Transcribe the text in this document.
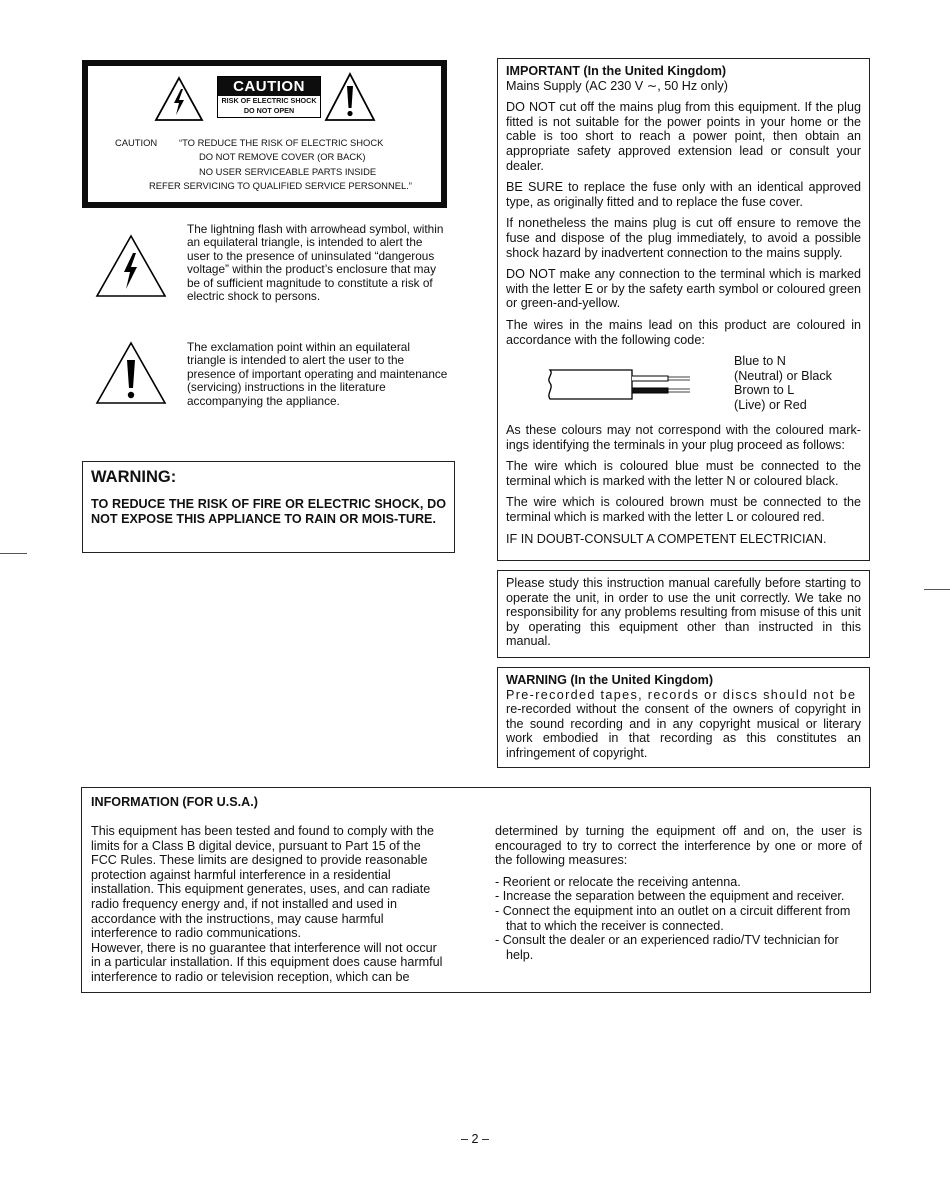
CAUTION
RISK OF ELECTRIC SHOCK
DO NOT OPEN
CAUTION “TO REDUCE THE RISK OF ELECTRIC SHOCK
DO NOT REMOVE COVER (OR BACK)
NO USER SERVICEABLE PARTS INSIDE
REFER SERVICING TO QUALIFIED SERVICE PERSONNEL.”
The lightning flash with arrowhead symbol, within
an equilateral triangle, is intended to alert the
user to the presence of uninsulated “dangerous
voltage” within the product’s enclosure that may
be of sufficient magnitude to constitute a risk of
electric shock to persons.
The exclamation point within an equilateral
triangle is intended to alert the user to the
presence of important operating and maintenance
(servicing) instructions in the literature
accompanying the appliance.

WARNING:

TO REDUCE THE RISK OF FIRE OR ELECTRIC SHOCK, DO NOT EXPOSE THIS APPLIANCE TO RAIN OR MOIS-TURE.

IMPORTANT (In the United Kingdom)

Mains Supply (AC 230 V ∼, 50 Hz only)

DO NOT cut off the mains plug from this equipment. If the plug fitted is not suitable for the power points in your home or the cable is too short to reach a power point, then obtain an appropriate safety approved extension lead or consult your dealer.

BE SURE to replace the fuse only with an identical approved type, as originally fitted and to replace the fuse cover.

If nonetheless the mains plug is cut off ensure to remove the fuse and dispose of the plug immediately, to avoid a possible shock hazard by inadvertent connection to the mains supply.

DO NOT make any connection to the terminal which is marked with the letter E or by the safety earth symbol or coloured green or green-and-yellow.

The wires in the mains lead on this product are coloured in accordance with the following code:

Blue to N
(Neutral) or Black
Brown to L
(Live) or Red

As these colours may not correspond with the coloured mark-ings identifying the terminals in your plug proceed as follows:

The wire which is coloured blue must be connected to the terminal which is marked with the letter N or coloured black.

The wire which is coloured brown must be connected to the terminal which is marked with the letter L or coloured red.

IF IN DOUBT-CONSULT A COMPETENT ELECTRICIAN.

Please study this instruction manual carefully before starting to operate the unit, in order to use the unit correctly. We take no responsibility for any problems resulting from misuse of this unit by operating this equipment other than instructed in this manual.

WARNING (In the United Kingdom)

Pre-recorded tapes, records or discs should not be

re-recorded without the consent of the owners of copyright in the sound recording and in any copyright musical or literary work embodied in that recording as this constitutes an infringement of copyright.

INFORMATION (FOR U.S.A.)
This equipment has been tested and found to comply with the
limits for a Class B digital device, pursuant to Part 15 of the
FCC Rules. These limits are designed to provide reasonable
protection against harmful interference in a residential
installation. This equipment generates, uses, and can radiate
radio frequency energy and, if not installed and used in
accordance with the instructions, may cause harmful
interference to radio communications.
However, there is no guarantee that interference will not occur
in a particular installation. If this equipment does cause harmful
interference to radio or television reception, which can be

determined by turning the equipment off and on, the user is encouraged to try to correct the interference by one or more of the following measures:

- Reorient or relocate the receiving antenna.

- Increase the separation between the equipment and receiver.

- Connect the equipment into an outlet on a circuit different from that to which the receiver is connected.

- Consult the dealer or an experienced radio/TV technician for help.

– 2 –
